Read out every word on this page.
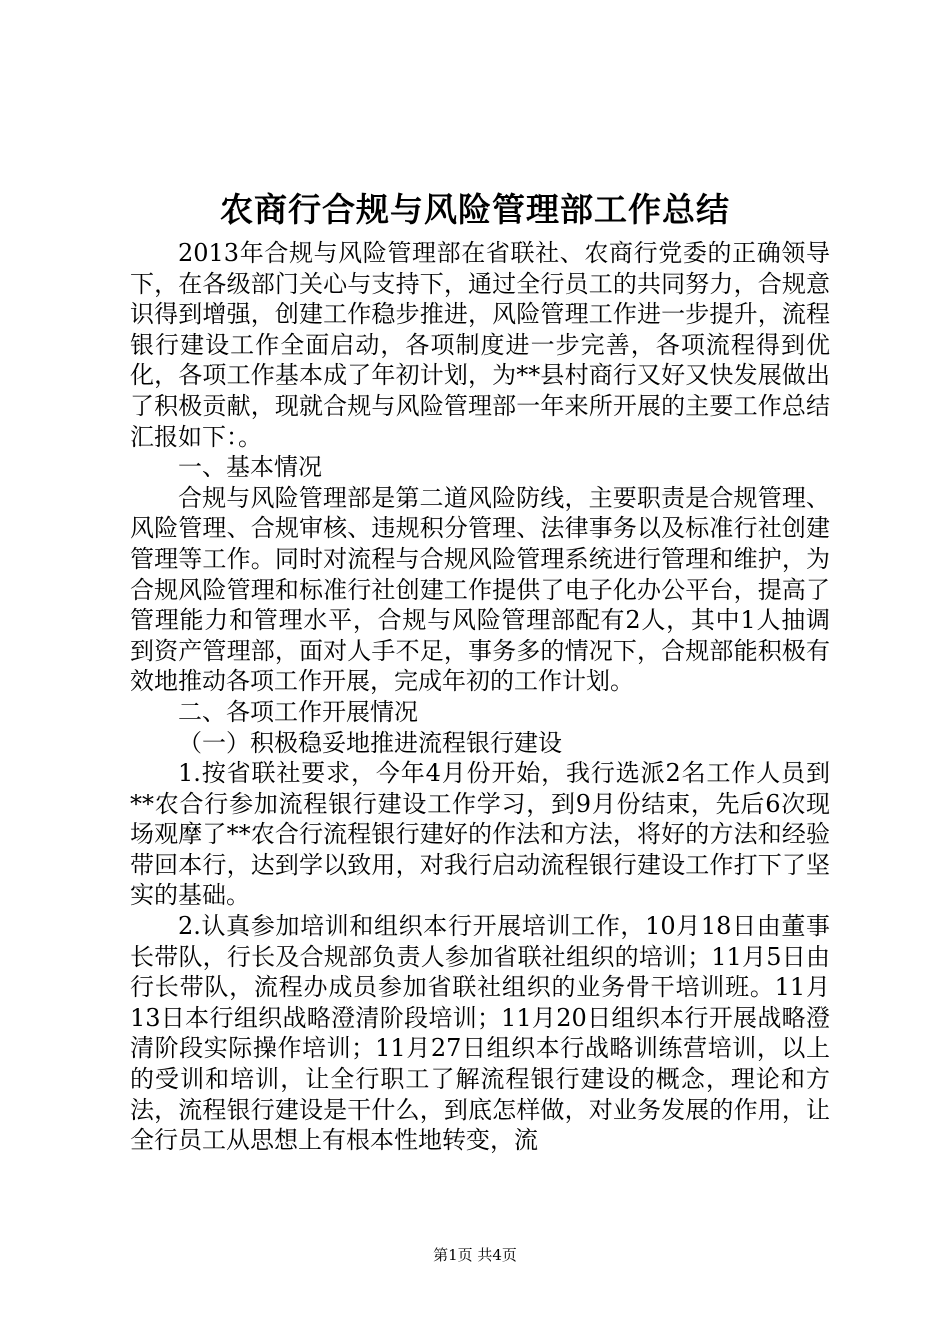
农商行合规与风险管理部工作总结

2013年合规与风险管理部在省联社、农商行党委的正确领导下，在各级部门关心与支持下，通过全行员工的共同努力，合规意识得到增强，创建工作稳步推进，风险管理工作进一步提升，流程银行建设工作全面启动，各项制度进一步完善，各项流程得到优化，各项工作基本成了年初计划，为**县村商行又好又快发展做出了积极贡献，现就合规与风险管理部一年来所开展的主要工作总结汇报如下：。

一、基本情况

合规与风险管理部是第二道风险防线，主要职责是合规管理、风险管理、合规审核、违规积分管理、法律事务以及标准行社创建管理等工作。同时对流程与合规风险管理系统进行管理和维护，为合规风险管理和标准行社创建工作提供了电子化办公平台，提高了管理能力和管理水平，合规与风险管理部配有2人，其中1人抽调到资产管理部，面对人手不足，事务多的情况下，合规部能积极有效地推动各项工作开展，完成年初的工作计划。

二、各项工作开展情况

（一）积极稳妥地推进流程银行建设

1.按省联社要求，今年4月份开始，我行选派2名工作人员到**农合行参加流程银行建设工作学习，到9月份结束，先后6次现场观摩了**农合行流程银行建好的作法和方法，将好的方法和经验带回本行，达到学以致用，对我行启动流程银行建设工作打下了坚实的基础。

2.认真参加培训和组织本行开展培训工作，10月18日由董事长带队，行长及合规部负责人参加省联社组织的培训；11月5日由行长带队，流程办成员参加省联社组织的业务骨干培训班。11月13日本行组织战略澄清阶段培训；11月20日组织本行开展战略澄清阶段实际操作培训；11月27日组织本行战略训练营培训，以上的受训和培训，让全行职工了解流程银行建设的概念，理论和方法，流程银行建设是干什么，到底怎样做，对业务发展的作用，让全行员工从思想上有根本性地转变，流

第1页 共4页
